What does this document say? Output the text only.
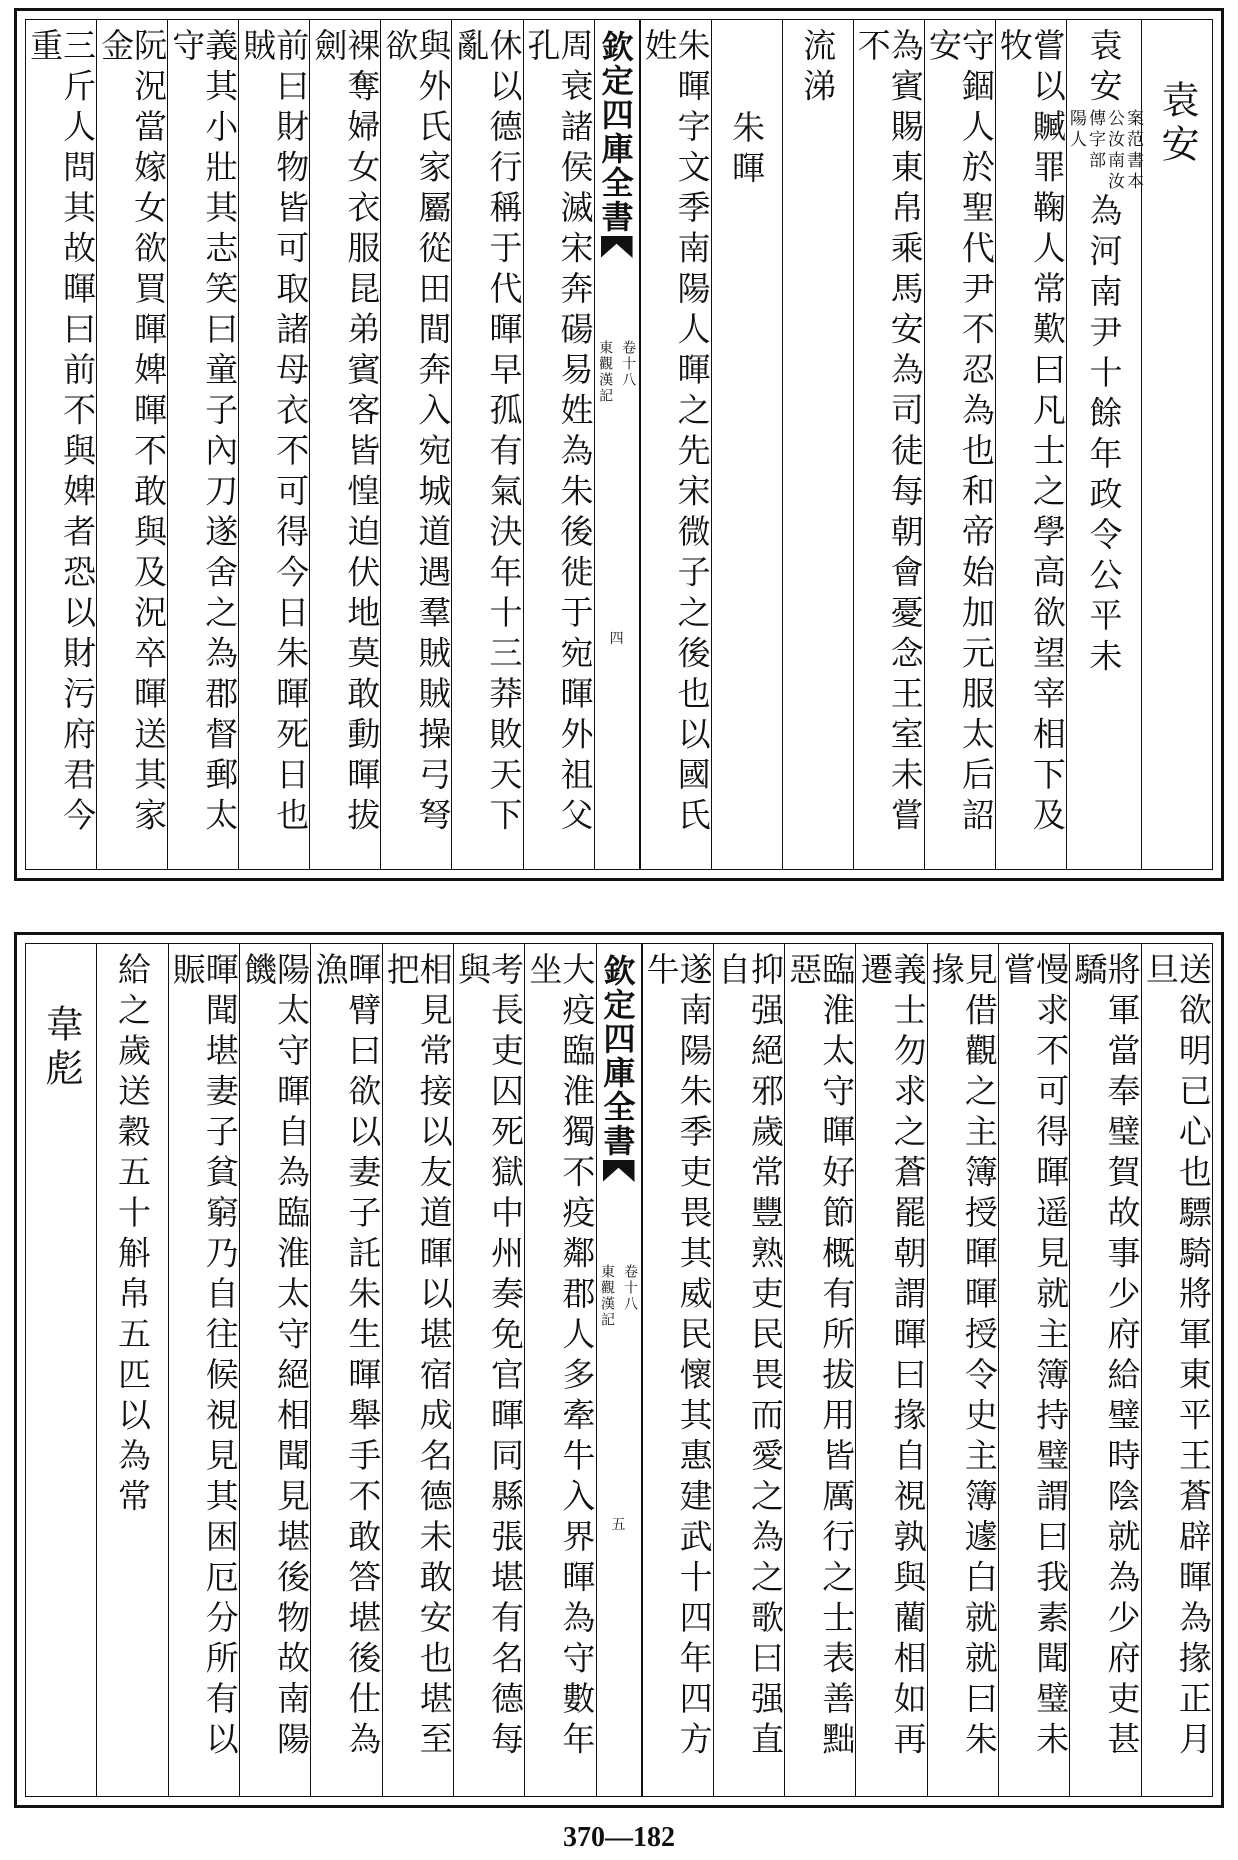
袁安
袁安
案范書本
公汝南汝
傳字部
陽人
為河南尹十餘年政令公平未
嘗以贓罪鞠人常歎曰凡士之學高欲望宰相下及牧
守錮人於聖代尹不忍為也和帝始加元服太后詔安
為賓賜東帛乘馬安為司徒每朝會憂念王室未嘗不
流涕
朱暉
朱暉字文季南陽人暉之先宋微子之後也以國氏姓
欽定四庫全書
東觀漢記 卷十八
四
周衰諸侯滅宋奔碭易姓為朱後徙于宛暉外祖父孔
休以德行稱于代暉早孤有氣決年十三莽敗天下亂
與外氏家屬從田間奔入宛城道遇羣賊賊操弓弩欲
裸奪婦女衣服昆弟賓客皆惶迫伏地莫敢動暉拔劍
前曰財物皆可取諸母衣不可得今日朱暉死日也賊
義其小壯其志笑曰童子內刀遂舍之為郡督郵太守
阮況當嫁女欲買暉婢暉不敢與及況卒暉送其家金
三斤人問其故暉曰前不與婢者恐以財污府君今重
送欲明已心也驃騎將軍東平王蒼辟暉為掾正月旦
將軍當奉璧賀故事少府給璧時陰就為少府吏甚驕
慢求不可得暉遥見就主簿持璧謂曰我素聞璧未嘗
見借觀之主簿授暉暉授令史主簿遽白就就曰朱掾
義士勿求之蒼罷朝謂暉曰掾自視孰與藺相如再遷
臨淮太守暉好節概有所拔用皆厲行之士表善黜惡
抑强絕邪歲常豐熟吏民畏而愛之為之歌曰强直自
遂南陽朱季吏畏其威民懷其惠建武十四年四方牛
欽定四庫全書
東觀漢記 卷十八
五
大疫臨淮獨不疫鄰郡人多牽牛入界暉為守數年坐
考長吏囚死獄中州奏免官暉同縣張堪有名德每與
相見常接以友道暉以堪宿成名德未敢安也堪至把
暉臂曰欲以妻子託朱生暉舉手不敢答堪後仕為漁
陽太守暉自為臨淮太守絕相聞見堪後物故南陽饑
暉聞堪妻子貧窮乃自往候視見其困厄分所有以賑
給之歲送穀五十斛帛五匹以為常
韋彪
370—182
